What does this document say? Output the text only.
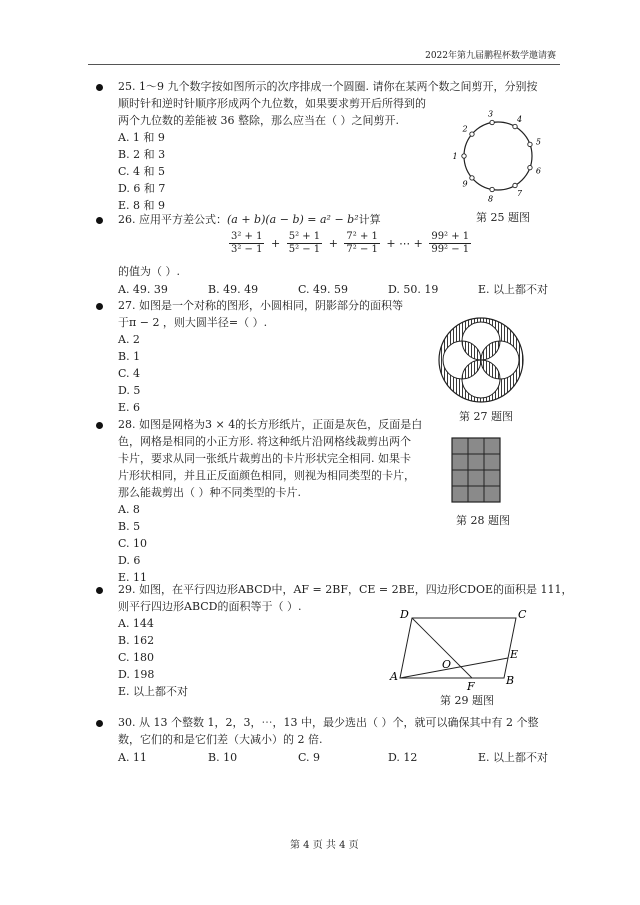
2022年第九届鹏程杯数学邀请赛
25. 1～9 九个数字按如图所示的次序排成一个圆圈. 请你在某两个数之间剪开，分别按
顺时针和逆时针顺序形成两个九位数，如果要求剪开后所得到的
两个九位数的差能被 36 整除，那么应当在（ ）之间剪开.
A. 1 和 9
B. 2 和 3
C. 4 和 5
D. 6 和 7
E. 8 和 9
3
4
5
6
7
8
9
1
2
第 25 题图
26. 应用平方差公式：(a + b)(a − b) = a² − b²计算
$\frac{\text{3² + 1}}{\text{3² − 1}} + \frac{\text{5² + 1}}{\text{5² − 1}} + \frac{\text{7² + 1}}{\text{7² − 1}}$ + ⋯ + $\frac{\text{99² + 1}}{\text{99² − 1}}$
的值为（ ）.
A. 49. 39	B. 49. 49	C. 49. 59	D. 50. 19	E. 以上都不对
27. 如图是一个对称的图形，小圆相同，阴影部分的面积等
于π − 2 ，则大圆半径=（ ）.
A. 2
B. 1
C. 4
D. 5
E. 6
第 27 题图
28. 如图是网格为3 × 4的长方形纸片，正面是灰色，反面是白
色，网格是相同的小正方形. 将这种纸片沿网格线裁剪出两个
卡片，要求从同一张纸片裁剪出的卡片形状完全相同. 如果卡
片形状相同，并且正反面颜色相同，则视为相同类型的卡片，
那么能裁剪出（ ）种不同类型的卡片.
A. 8
B. 5
C. 10
D. 6
E. 11
第 28 题图
29. 如图，在平行四边形ABCD中，AF = 2BF，CE = 2BE，四边形CDOE的面积是 111，
则平行四边形ABCD的面积等于（ ）.
A. 144
B. 162
C. 180
D. 198
E. 以上都不对
D	C
E
O
A
F	B
第 29 题图
30. 从 13 个整数 1，2，3，⋯，13 中，最少选出（ ）个，就可以确保其中有 2 个整
数，它们的和是它们差（大减小）的 2 倍.
A. 11	B. 10	C. 9	D. 12	E. 以上都不对
第 4 页 共 4 页
